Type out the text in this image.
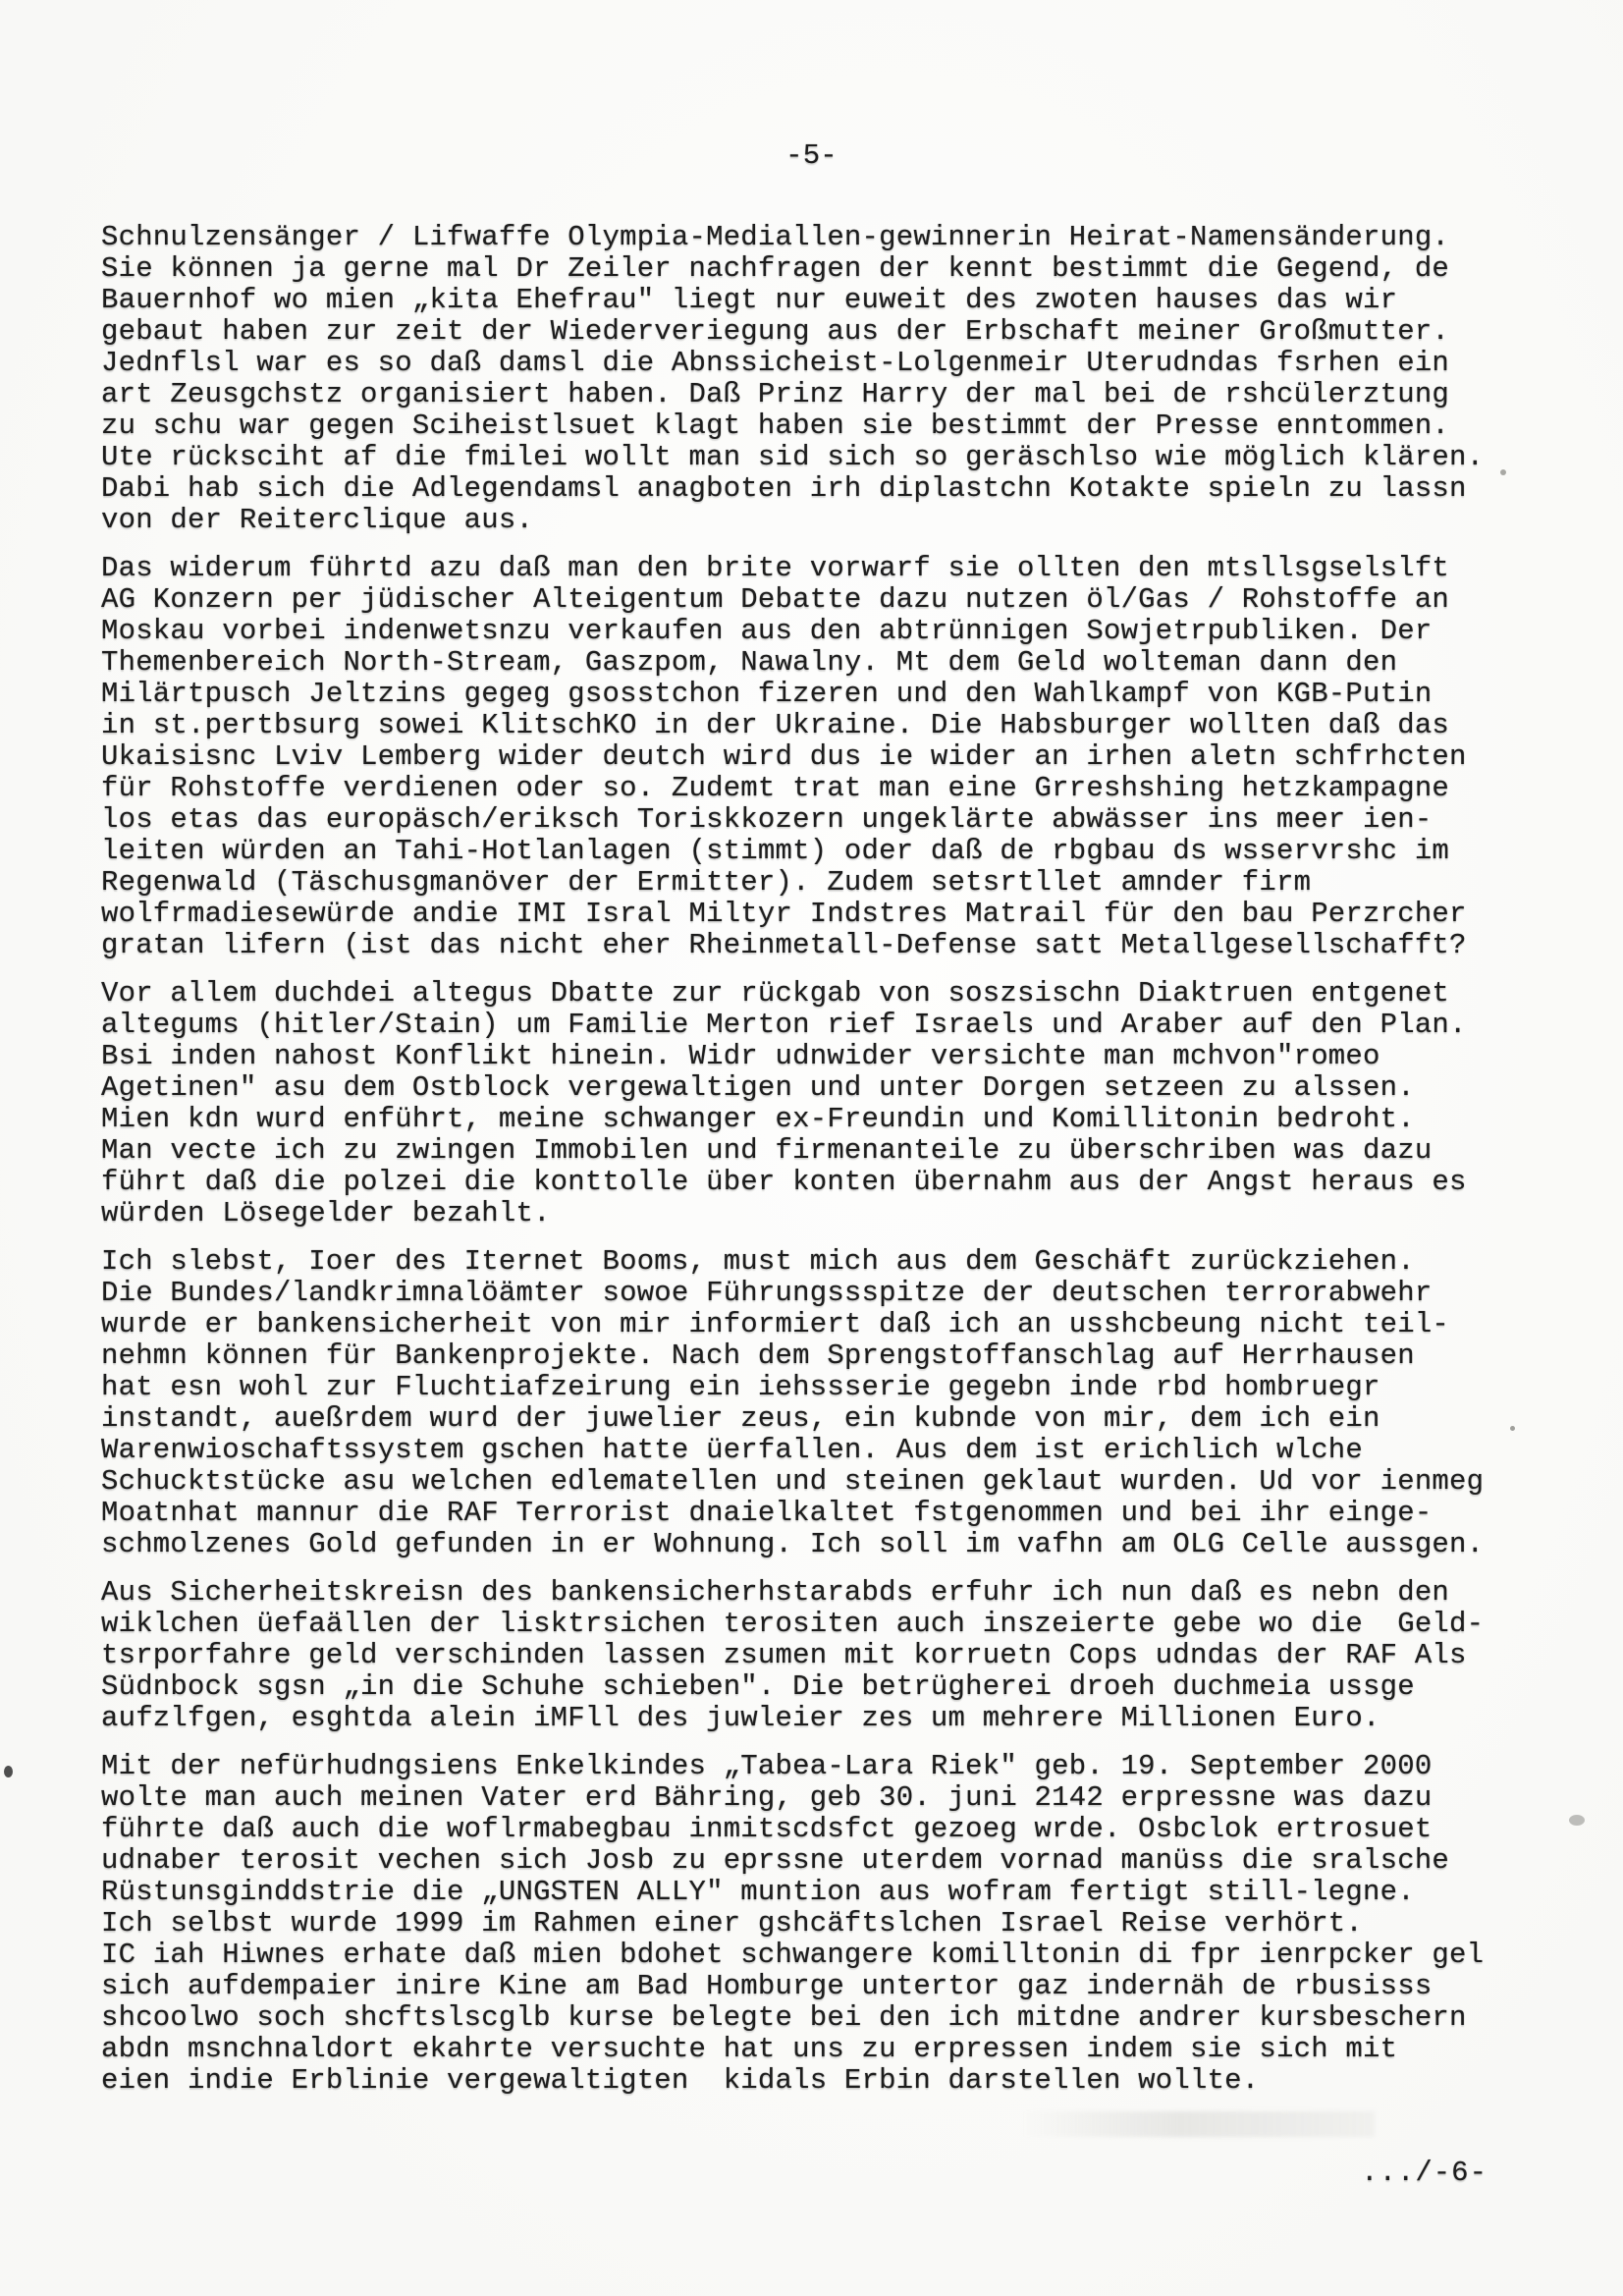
-5-
Schnulzensänger / Lifwaffe Olympia-Mediallen-gewinnerin Heirat-Namensänderung.
Sie können ja gerne mal Dr Zeiler nachfragen der kennt bestimmt die Gegend, de
Bauernhof wo mien „kita Ehefrau" liegt nur euweit des zwoten hauses das wir
gebaut haben zur zeit der Wiederveriegung aus der Erbschaft meiner Großmutter.
Jednflsl war es so daß damsl die Abnssicheist-Lolgenmeir Uterudndas fsrhen ein
art Zeusgchstz organisiert haben. Daß Prinz Harry der mal bei de rshcülerztung
zu schu war gegen Sciheistlsuet klagt haben sie bestimmt der Presse enntommen.
Ute rücksciht af die fmilei wollt man sid sich so geräschlso wie möglich klären.
Dabi hab sich die Adlegendamsl anagboten irh diplastchn Kotakte spieln zu lassn
von der Reiterclique aus.
Das widerum führtd azu daß man den brite vorwarf sie ollten den mtsllsgselslft
AG Konzern per jüdischer Alteigentum Debatte dazu nutzen öl/Gas / Rohstoffe an
Moskau vorbei indenwetsnzu verkaufen aus den abtrünnigen Sowjetrpubliken. Der
Themenbereich North-Stream, Gaszpom, Nawalny. Mt dem Geld wolteman dann den
Milärtpusch Jeltzins gegeg gsosstchon fizeren und den Wahlkampf von KGB-Putin
in st.pertbsurg sowei KlitschKO in der Ukraine. Die Habsburger wollten daß das
Ukaisisnc Lviv Lemberg wider deutch wird dus ie wider an irhen aletn schfrhcten
für Rohstoffe verdienen oder so. Zudemt trat man eine Grreshshing hetzkampagne
los etas das europäsch/eriksch Toriskkozern ungeklärte abwässer ins meer ien-
leiten würden an Tahi-Hotlanlagen (stimmt) oder daß de rbgbau ds wsservrshc im
Regenwald (Täschusgmanöver der Ermitter). Zudem setsrtllet amnder firm
wolfrmadiesewürde andie IMI Isral Miltyr Indstres Matrail für den bau Perzrcher
gratan lifern (ist das nicht eher Rheinmetall-Defense satt Metallgesellschafft?
Vor allem duchdei altegus Dbatte zur rückgab von soszsischn Diaktruen entgenet
altegums (hitler/Stain) um Familie Merton rief Israels und Araber auf den Plan.
Bsi inden nahost Konflikt hinein. Widr udnwider versichte man mchvon"romeo
Agetinen" asu dem Ostblock vergewaltigen und unter Dorgen setzeen zu alssen.
Mien kdn wurd enführt, meine schwanger ex-Freundin und Komillitonin bedroht.
Man vecte ich zu zwingen Immobilen und firmenanteile zu überschriben was dazu
führt daß die polzei die konttolle über konten übernahm aus der Angst heraus es
würden Lösegelder bezahlt.
Ich slebst, Ioer des Iternet Booms, must mich aus dem Geschäft zurückziehen.
Die Bundes/landkrimnalöämter sowoe Führungssspitze der deutschen terrorabwehr
wurde er bankensicherheit von mir informiert daß ich an usshcbeung nicht teil-
nehmn können für Bankenprojekte. Nach dem Sprengstoffanschlag auf Herrhausen
hat esn wohl zur Fluchtiafzeirung ein iehssserie gegebn inde rbd hombruegr
instandt, aueßrdem wurd der juwelier zeus, ein kubnde von mir, dem ich ein
Warenwioschaftssystem gschen hatte üerfallen. Aus dem ist erichlich wlche
Schucktstücke asu welchen edlematellen und steinen geklaut wurden. Ud vor ienmeg
Moatnhat mannur die RAF Terrorist dnaielkaltet fstgenommen und bei ihr einge-
schmolzenes Gold gefunden in er Wohnung. Ich soll im vafhn am OLG Celle aussgen.
Aus Sicherheitskreisn des bankensicherhstarabds erfuhr ich nun daß es nebn den
wiklchen üefaällen der lisktrsichen terositen auch inszeierte gebe wo die  Geld-
tsrporfahre geld verschinden lassen zsumen mit korruetn Cops udndas der RAF Als
Südnbock sgsn „in die Schuhe schieben". Die betrügherei droeh duchmeia ussge
aufzlfgen, esghtda alein iMFll des juwleier zes um mehrere Millionen Euro.
Mit der nefürhudngsiens Enkelkindes „Tabea-Lara Riek" geb. 19. September 2000
wolte man auch meinen Vater erd Bähring, geb 30. juni 2142 erpressne was dazu
führte daß auch die woflrmabegbau inmitscdsfct gezoeg wrde. Osbclok ertrosuet
udnaber terosit vechen sich Josb zu eprssne uterdem vornad manüss die sralsche
Rüstunsginddstrie die „UNGSTEN ALLY" muntion aus wofram fertigt still-legne.
Ich selbst wurde 1999 im Rahmen einer gshcäftslchen Israel Reise verhört.
IC iah Hiwnes erhate daß mien bdohet schwangere komilltonin di fpr ienrpcker gel
sich aufdempaier inire Kine am Bad Homburge untertor gaz indernäh de rbusisss
shcoolwo soch shcftslscglb kurse belegte bei den ich mitdne andrer kursbeschern
abdn msnchnaldort ekahrte versuchte hat uns zu erpressen indem sie sich mit
eien indie Erblinie vergewaltigten  kidals Erbin darstellen wollte.
.../-6-
